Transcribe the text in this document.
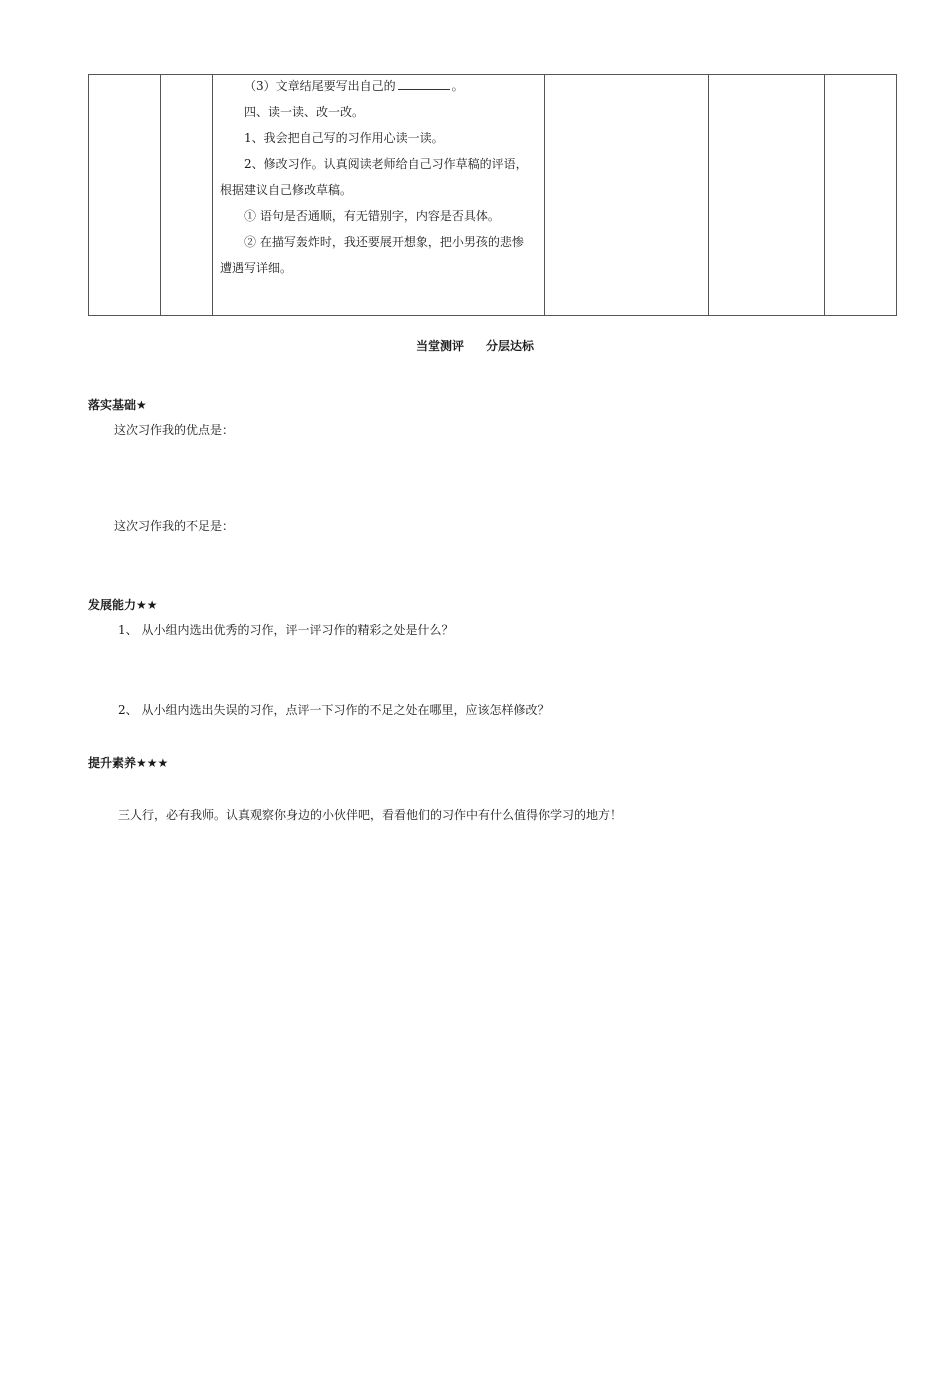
（3）文章结尾要写出自己的	。

四、读一读、改一改。

1、我会把自己写的习作用心读一读。

2、修改习作。认真阅读老师给自己习作草稿的评语，

根据建议自己修改草稿。

① 语句是否通顺，有无错别字，内容是否具体。

② 在描写轰炸时，我还要展开想象，把小男孩的悲惨

遭遇写详细。

当堂测评 分层达标

落实基础★

这次习作我的优点是：

这次习作我的不足是：

发展能力★★

1、 从小组内选出优秀的习作，评一评习作的精彩之处是什么？

2、 从小组内选出失误的习作，点评一下习作的不足之处在哪里，应该怎样修改？

提升素养★★★

三人行，必有我师。认真观察你身边的小伙伴吧，看看他们的习作中有什么值得你学习的地方！
